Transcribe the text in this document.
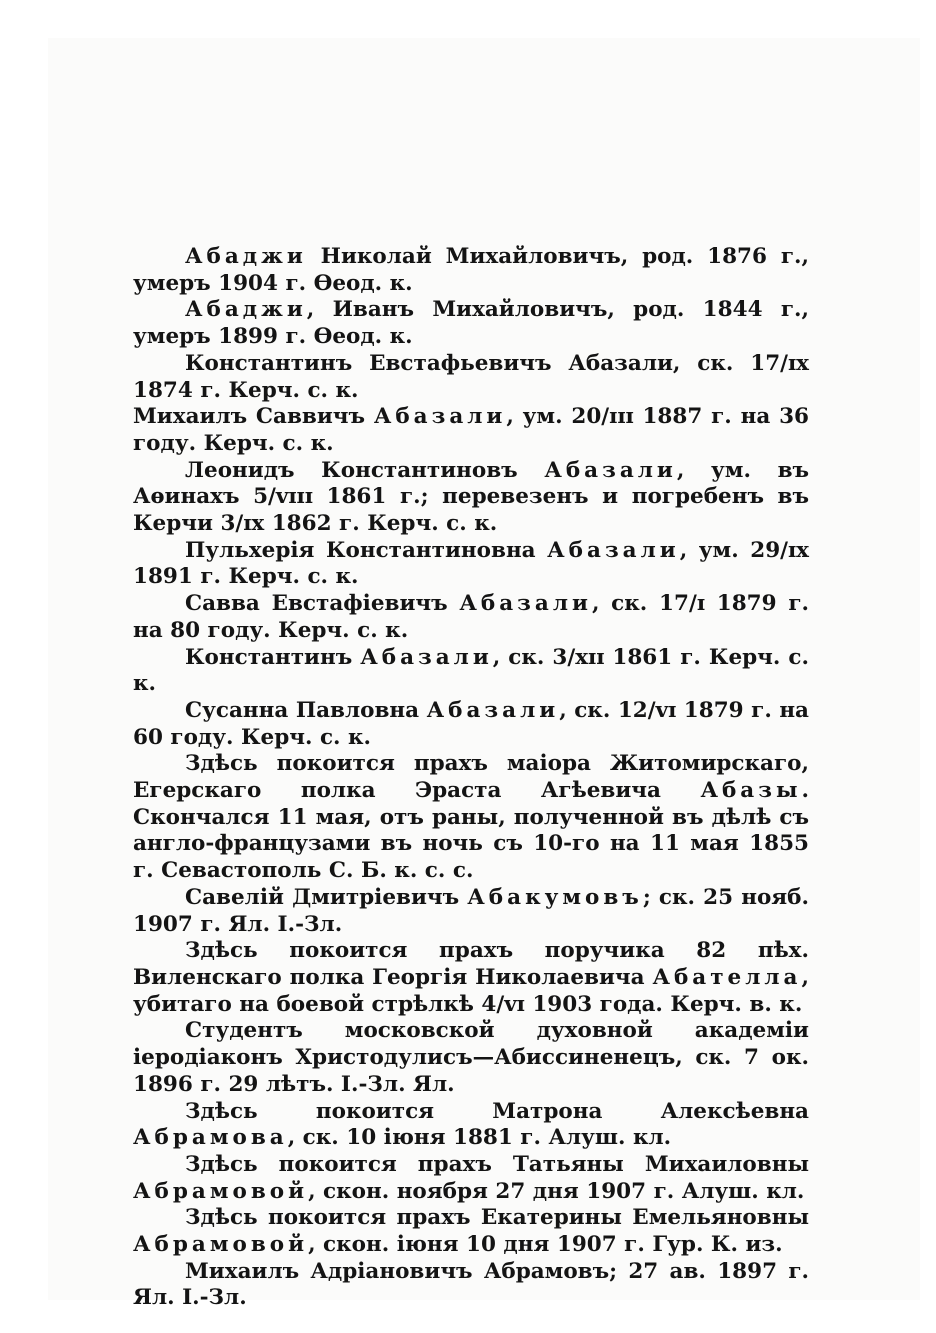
Абаджи Николай Михайловичъ, род. 1876 г., умеръ 1904 г. Ѳеод. к.

Абаджи, Иванъ Михайловичъ, род. 1844 г., умеръ 1899 г. Ѳеод. к.

Константинъ Евстафьевичъ Абазали, ск. 17/ɪx 1874 г. Керч. с. к.

Михаилъ Саввичъ Абазали, ум. 20/ɪɪɪ 1887 г. на 36 году. Керч. с. к.

Леонидъ Константиновъ Абазали, ум. въ Аѳинахъ 5/ᴠɪɪɪ 1861 г.; перевезенъ и погребенъ въ Керчи 3/ɪx 1862 г. Керч. с. к.

Пульхерія Константиновна Абазали, ум. 29/ɪx 1891 г. Керч. с. к.

Савва Евстафіевичъ Абазали, ск. 17/ɪ 1879 г. на 80 году. Керч. с. к.

Константинъ Абазали, ск. 3/xɪɪ 1861 г. Керч. с. к.

Сусанна Павловна Абазали, ск. 12/ᴠɪ 1879 г. на 60 году. Керч. с. к.

Здѣсь покоится прахъ маіора Житомирскаго, Егерскаго полка Эраста Агѣевича Абазы. Скончался 11 мая, отъ раны, полученной въ дѣлѣ съ англо-французами въ ночь съ 10-го на 11 мая 1855 г. Севастополь С. Б. к. с. с.

Савелій Дмитріевичъ Абакумовъ; ск. 25 нояб. 1907 г. Ял. I.-Зл.

Здѣсь покоится прахъ поручика 82 пѣх. Виленскаго полка Георгія Николаевича Абателла, убитаго на боевой стрѣлкѣ 4/ᴠɪ 1903 года. Керч. в. к.

Студентъ московской духовной академіи іеродіаконъ Христодулисъ—Абиссиненецъ, ск. 7 ок. 1896 г. 29 лѣтъ. I.-Зл. Ял.

Здѣсь покоится Матрона Алексѣевна Абрамова, ск. 10 іюня 1881 г. Алуш. кл.

Здѣсь покоится прахъ Татьяны Михаиловны Абрамовой, скон. ноября 27 дня 1907 г. Алуш. кл.

Здѣсь покоится прахъ Екатерины Емельяновны Абрамовой, скон. іюня 10 дня 1907 г. Гур. К. из.

Михаилъ Адріановичъ Абрамовъ; 27 ав. 1897 г. Ял. I.-Зл.
